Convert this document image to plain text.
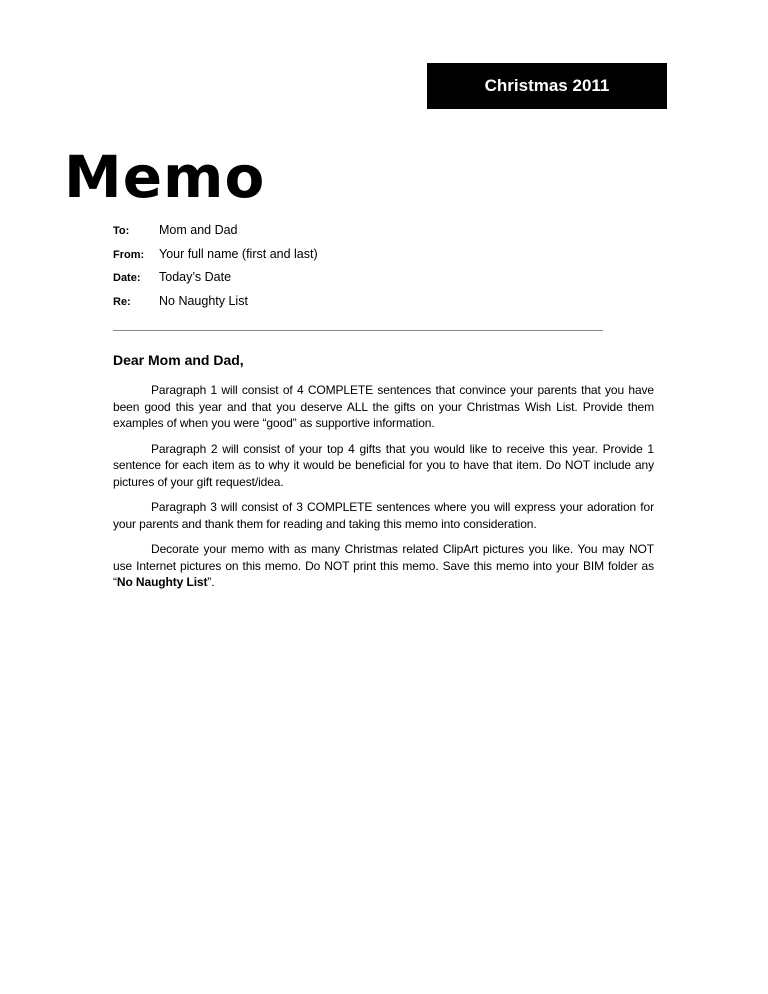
Christmas 2011
Memo
To:	Mom and Dad
From:	Your full name (first and last)
Date:	Today’s Date
Re:	No Naughty List
Dear Mom and Dad,

Paragraph 1 will consist of 4 COMPLETE sentences that convince your parents that you have been good this year and that you deserve ALL the gifts on your Christmas Wish List. Provide them examples of when you were “good” as supportive information.

Paragraph 2 will consist of your top 4 gifts that you would like to receive this year. Provide 1 sentence for each item as to why it would be beneficial for you to have that item. Do NOT include any pictures of your gift request/idea.

Paragraph 3 will consist of 3 COMPLETE sentences where you will express your adoration for your parents and thank them for reading and taking this memo into consideration.

Decorate your memo with as many Christmas related ClipArt pictures you like. You may NOT use Internet pictures on this memo. Do NOT print this memo. Save this memo into your BIM folder as “No Naughty List”.
